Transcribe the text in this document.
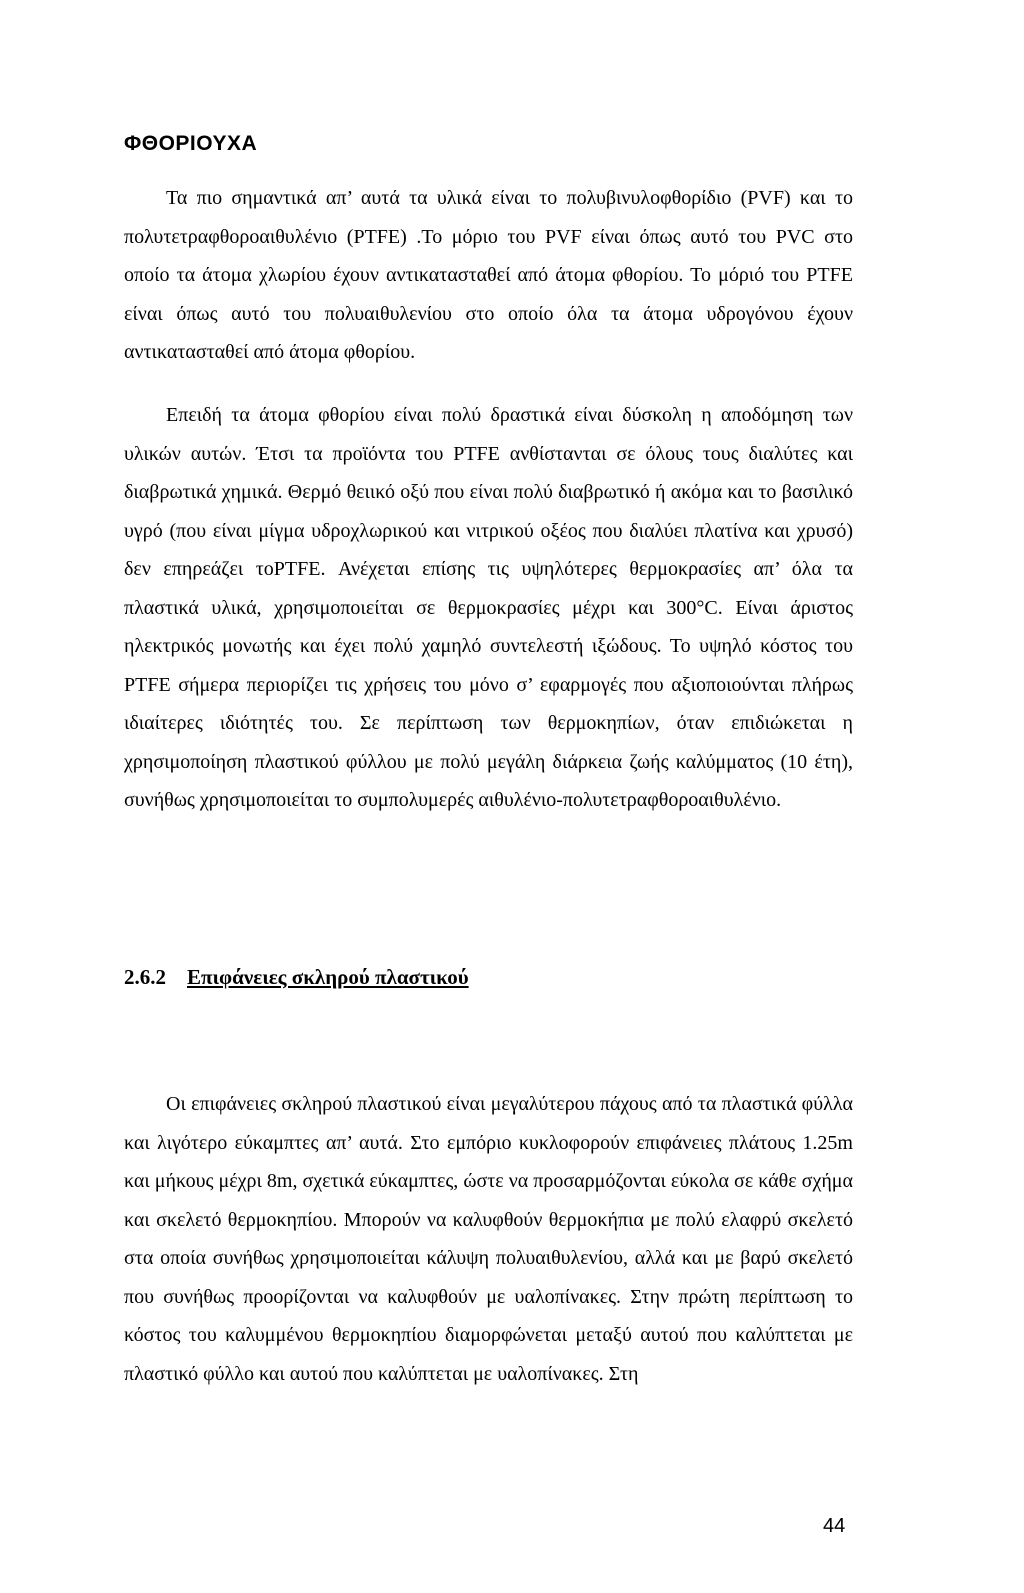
ΦΘΟΡΙΟΥΧΑ

Τα πιο σημαντικά απ’ αυτά τα υλικά είναι το πολυβινυλοφθορίδιο (PVF) και το πολυτετραφθοροαιθυλένιο (PTFE) .Το μόριο του PVF είναι όπως αυτό του PVC στο οποίο τα άτομα χλωρίου έχουν αντικατασταθεί από άτομα φθορίου. Το μόριό του PTFE είναι όπως αυτό του πολυαιθυλενίου στο οποίο όλα τα άτομα υδρογόνου έχουν αντικατασταθεί από άτομα φθορίου.

Επειδή τα άτομα φθορίου είναι πολύ δραστικά είναι δύσκολη η αποδόμηση των υλικών αυτών. Έτσι τα προϊόντα του PTFE ανθίστανται σε όλους τους διαλύτες και διαβρωτικά χημικά. Θερμό θειικό οξύ που είναι πολύ διαβρωτικό ή ακόμα και το βασιλικό υγρό (που είναι μίγμα υδροχλωρικού και νιτρικού οξέος που διαλύει πλατίνα και χρυσό) δεν επηρεάζει τοPTFE. Ανέχεται επίσης τις υψηλότερες θερμοκρασίες απ’ όλα τα πλαστικά υλικά, χρησιμοποιείται σε θερμοκρασίες μέχρι και 300°C. Είναι άριστος ηλεκτρικός μονωτής και έχει πολύ χαμηλό συντελεστή ιξώδους. Το υψηλό κόστος του PTFE σήμερα περιορίζει τις χρήσεις του μόνο σ’ εφαρμογές που αξιοποιούνται πλήρως ιδιαίτερες ιδιότητές του. Σε περίπτωση των θερμοκηπίων, όταν επιδιώκεται η χρησιμοποίηση πλαστικού φύλλου με πολύ μεγάλη διάρκεια ζωής καλύμματος (10 έτη), συνήθως χρησιμοποιείται το συμπολυμερές αιθυλένιο-πολυτετραφθοροαιθυλένιο.

2.6.2 Επιφάνειες σκληρού πλαστικού

Οι επιφάνειες σκληρού πλαστικού είναι μεγαλύτερου πάχους από τα πλαστικά φύλλα και λιγότερο εύκαμπτες απ’ αυτά. Στο εμπόριο κυκλοφορούν επιφάνειες πλάτους 1.25m και μήκους μέχρι 8m, σχετικά εύκαμπτες, ώστε να προσαρμόζονται εύκολα σε κάθε σχήμα και σκελετό θερμοκηπίου. Μπορούν να καλυφθούν θερμοκήπια με πολύ ελαφρύ σκελετό στα οποία συνήθως χρησιμοποιείται κάλυψη πολυαιθυλενίου, αλλά και με βαρύ σκελετό που συνήθως προορίζονται να καλυφθούν με υαλοπίνακες. Στην πρώτη περίπτωση το κόστος του καλυμμένου θερμοκηπίου διαμορφώνεται μεταξύ αυτού που καλύπτεται με πλαστικό φύλλο και αυτού που καλύπτεται με υαλοπίνακες. Στη

44
